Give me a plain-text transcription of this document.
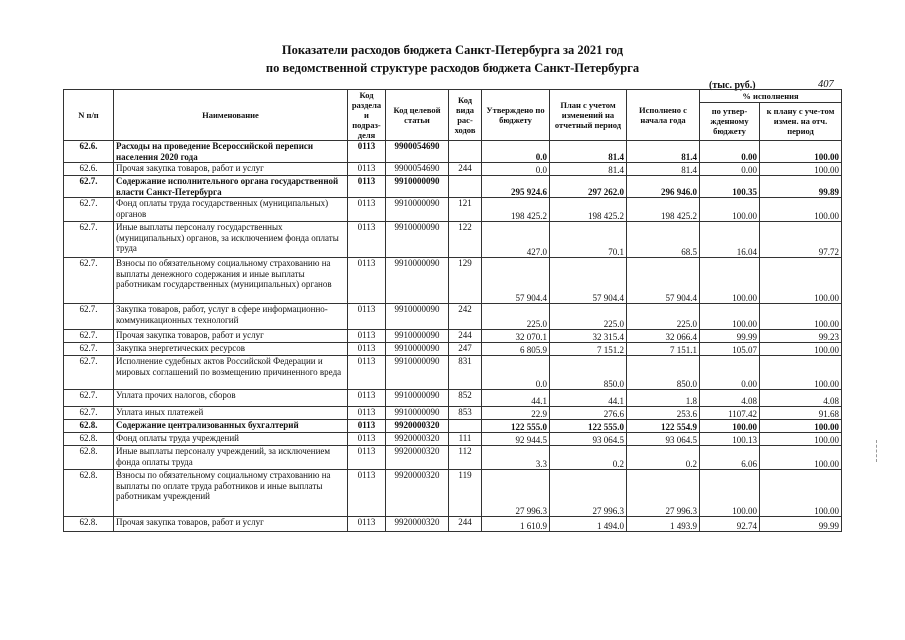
Показатели расходов бюджета Санкт-Петербурга за 2021 год
по ведомственной структуре расходов бюджета Санкт-Петербурга
(тыс. руб.)	407
N п/п	Наименование	Код раздела и подраз-деля	Код целевой статьи	Код вида рас-ходов	Утверждено по бюджету	План с учетом изменений на отчетный период	Исполнено с начала года	% исполнения	
								по утвер-жденному бюджету	к плану с уче-том измен. на отч. период
62.6.	Расходы на проведение Всероссийской переписи населения 2020 года	0113	9900054690		0.0	81.4	81.4	0.00	100.00
62.6.	Прочая закупка товаров, работ и услуг	0113	9900054690	244	0.0	81.4	81.4	0.00	100.00
62.7.	Содержание исполнительного органа государственной власти Санкт-Петербурга	0113	9910000090		295 924.6	297 262.0	296 946.0	100.35	99.89
62.7.	Фонд оплаты труда государственных (муниципальных) органов	0113	9910000090	121	198 425.2	198 425.2	198 425.2	100.00	100.00
62.7.	Иные выплаты персоналу государственных (муниципальных) органов, за исключением фонда оплаты труда	0113	9910000090	122	427.0	70.1	68.5	16.04	97.72
62.7.	Взносы по обязательному социальному страхованию на выплаты денежного содержания и иные выплаты работникам государственных (муниципальных) органов	0113	9910000090	129	57 904.4	57 904.4	57 904.4	100.00	100.00
62.7.	Закупка товаров, работ, услуг в сфере информационно-коммуникационных технологий	0113	9910000090	242	225.0	225.0	225.0	100.00	100.00
62.7.	Прочая закупка товаров, работ и услуг	0113	9910000090	244	32 070.1	32 315.4	32 066.4	99.99	99.23
62.7.	Закупка энергетических ресурсов	0113	9910000090	247	6 805.9	7 151.2	7 151.1	105.07	100.00
62.7.	Исполнение судебных актов Российской Федерации и мировых соглашений по возмещению причиненного вреда	0113	9910000090	831	0.0	850.0	850.0	0.00	100.00
62.7.	Уплата прочих налогов, сборов	0113	9910000090	852	44.1	44.1	1.8	4.08	4.08
62.7.	Уплата иных платежей	0113	9910000090	853	22.9	276.6	253.6	1107.42	91.68
62.8.	Содержание централизованных бухгалтерий	0113	9920000320		122 555.0	122 555.0	122 554.9	100.00	100.00
62.8.	Фонд оплаты труда учреждений	0113	9920000320	111	92 944.5	93 064.5	93 064.5	100.13	100.00
62.8.	Иные выплаты персоналу учреждений, за исключением фонда оплаты труда	0113	9920000320	112	3.3	0.2	0.2	6.06	100.00
62.8.	Взносы по обязательному социальному страхованию на выплаты по оплате труда работников и иные выплаты работникам учреждений	0113	9920000320	119	27 996.3	27 996.3	27 996.3	100.00	100.00
62.8.	Прочая закупка товаров, работ и услуг	0113	9920000320	244	1 610.9	1 494.0	1 493.9	92.74	99.99
